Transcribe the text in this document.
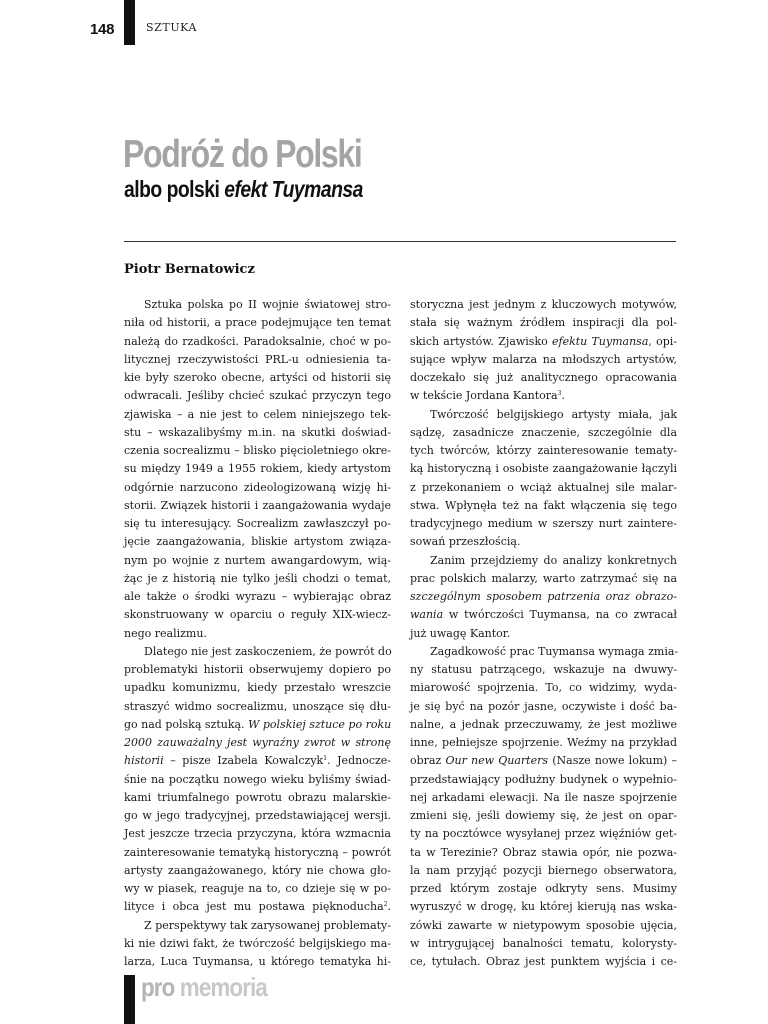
148	SZTUKA
Podróż do Polski
albo polski efekt Tuymansa
Piotr Bernatowicz
Sztuka polska po II wojnie światowej stro-
niła od historii, a prace podejmujące ten temat
należą do rzadkości. Paradoksalnie, choć w po-
litycznej rzeczywistości PRL-u odniesienia ta-
kie były szeroko obecne, artyści od historii się
odwracali. Jeśliby chcieć szukać przyczyn tego
zjawiska – a nie jest to celem niniejszego tek-
stu – wskazalibyśmy m.in. na skutki doświad-
czenia socrealizmu – blisko pięcioletniego okre-
su między 1949 a 1955 rokiem, kiedy artystom
odgórnie narzucono zideologizowaną wizję hi-
storii. Związek historii i zaangażowania wydaje
się tu interesujący. Socrealizm zawłaszczył po-
jęcie zaangażowania, bliskie artystom związa-
nym po wojnie z nurtem awangardowym, wią-
żąc je z historią nie tylko jeśli chodzi o temat,
ale także o środki wyrazu – wybierając obraz
skonstruowany w oparciu o reguły XIX-wiecz-
nego realizmu.
Dlatego nie jest zaskoczeniem, że powrót do
problematyki historii obserwujemy dopiero po
upadku komunizmu, kiedy przestało wreszcie
straszyć widmo socrealizmu, unoszące się dłu-
go nad polską sztuką. W polskiej sztuce po roku
2000 zauważalny jest wyraźny zwrot w stronę
historii – pisze Izabela Kowalczyk$^1$. Jednocze-
śnie na początku nowego wieku byliśmy świad-
kami triumfalnego powrotu obrazu malarskie-
go w jego tradycyjnej, przedstawiającej wersji.
Jest jeszcze trzecia przyczyna, która wzmacnia
zainteresowanie tematyką historyczną – powrót
artysty zaangażowanego, który nie chowa gło-
wy w piasek, reaguje na to, co dzieje się w po-
lityce i obca jest mu postawa pięknoducha$^2$.
Z perspektywy tak zarysowanej problematy-
ki nie dziwi fakt, że twórczość belgijskiego ma-
larza, Luca Tuymansa, u którego tematyka hi-
storyczna jest jednym z kluczowych motywów,
stała się ważnym źródłem inspiracji dla pol-
skich artystów. Zjawisko efektu Tuymansa, opi-
sujące wpływ malarza na młodszych artystów,
doczekało się już analitycznego opracowania
w tekście Jordana Kantora$^3$.
Twórczość belgijskiego artysty miała, jak
sądzę, zasadnicze znaczenie, szczególnie dla
tych twórców, którzy zainteresowanie tematy-
ką historyczną i osobiste zaangażowanie łączyli
z przekonaniem o wciąż aktualnej sile malar-
stwa. Wpłynęła też na fakt włączenia się tego
tradycyjnego medium w szerszy nurt zaintere-
sowań przeszłością.
Zanim przejdziemy do analizy konkretnych
prac polskich malarzy, warto zatrzymać się na
szczególnym sposobem patrzenia oraz obrazo-
wania w twórczości Tuymansa, na co zwracał
już uwagę Kantor.
Zagadkowość prac Tuymansa wymaga zmia-
ny statusu patrzącego, wskazuje na dwuwy-
miarowość spojrzenia. To, co widzimy, wyda-
je się być na pozór jasne, oczywiste i dość ba-
nalne, a jednak przeczuwamy, że jest możliwe
inne, pełniejsze spojrzenie. Weźmy na przykład
obraz Our new Quarters (Nasze nowe lokum) –
przedstawiający podłużny budynek o wypełnio-
nej arkadami elewacji. Na ile nasze spojrzenie
zmieni się, jeśli dowiemy się, że jest on opar-
ty na pocztówce wysyłanej przez więźniów get-
ta w Terezinie? Obraz stawia opór, nie pozwa-
la nam przyjąć pozycji biernego obserwatora,
przed którym zostaje odkryty sens. Musimy
wyruszyć w drogę, ku której kierują nas wska-
zówki zawarte w nietypowym sposobie ujęcia,
w intrygującej banalności tematu, kolorysty-
ce, tytułach. Obraz jest punktem wyjścia i ce-
pro memoria
